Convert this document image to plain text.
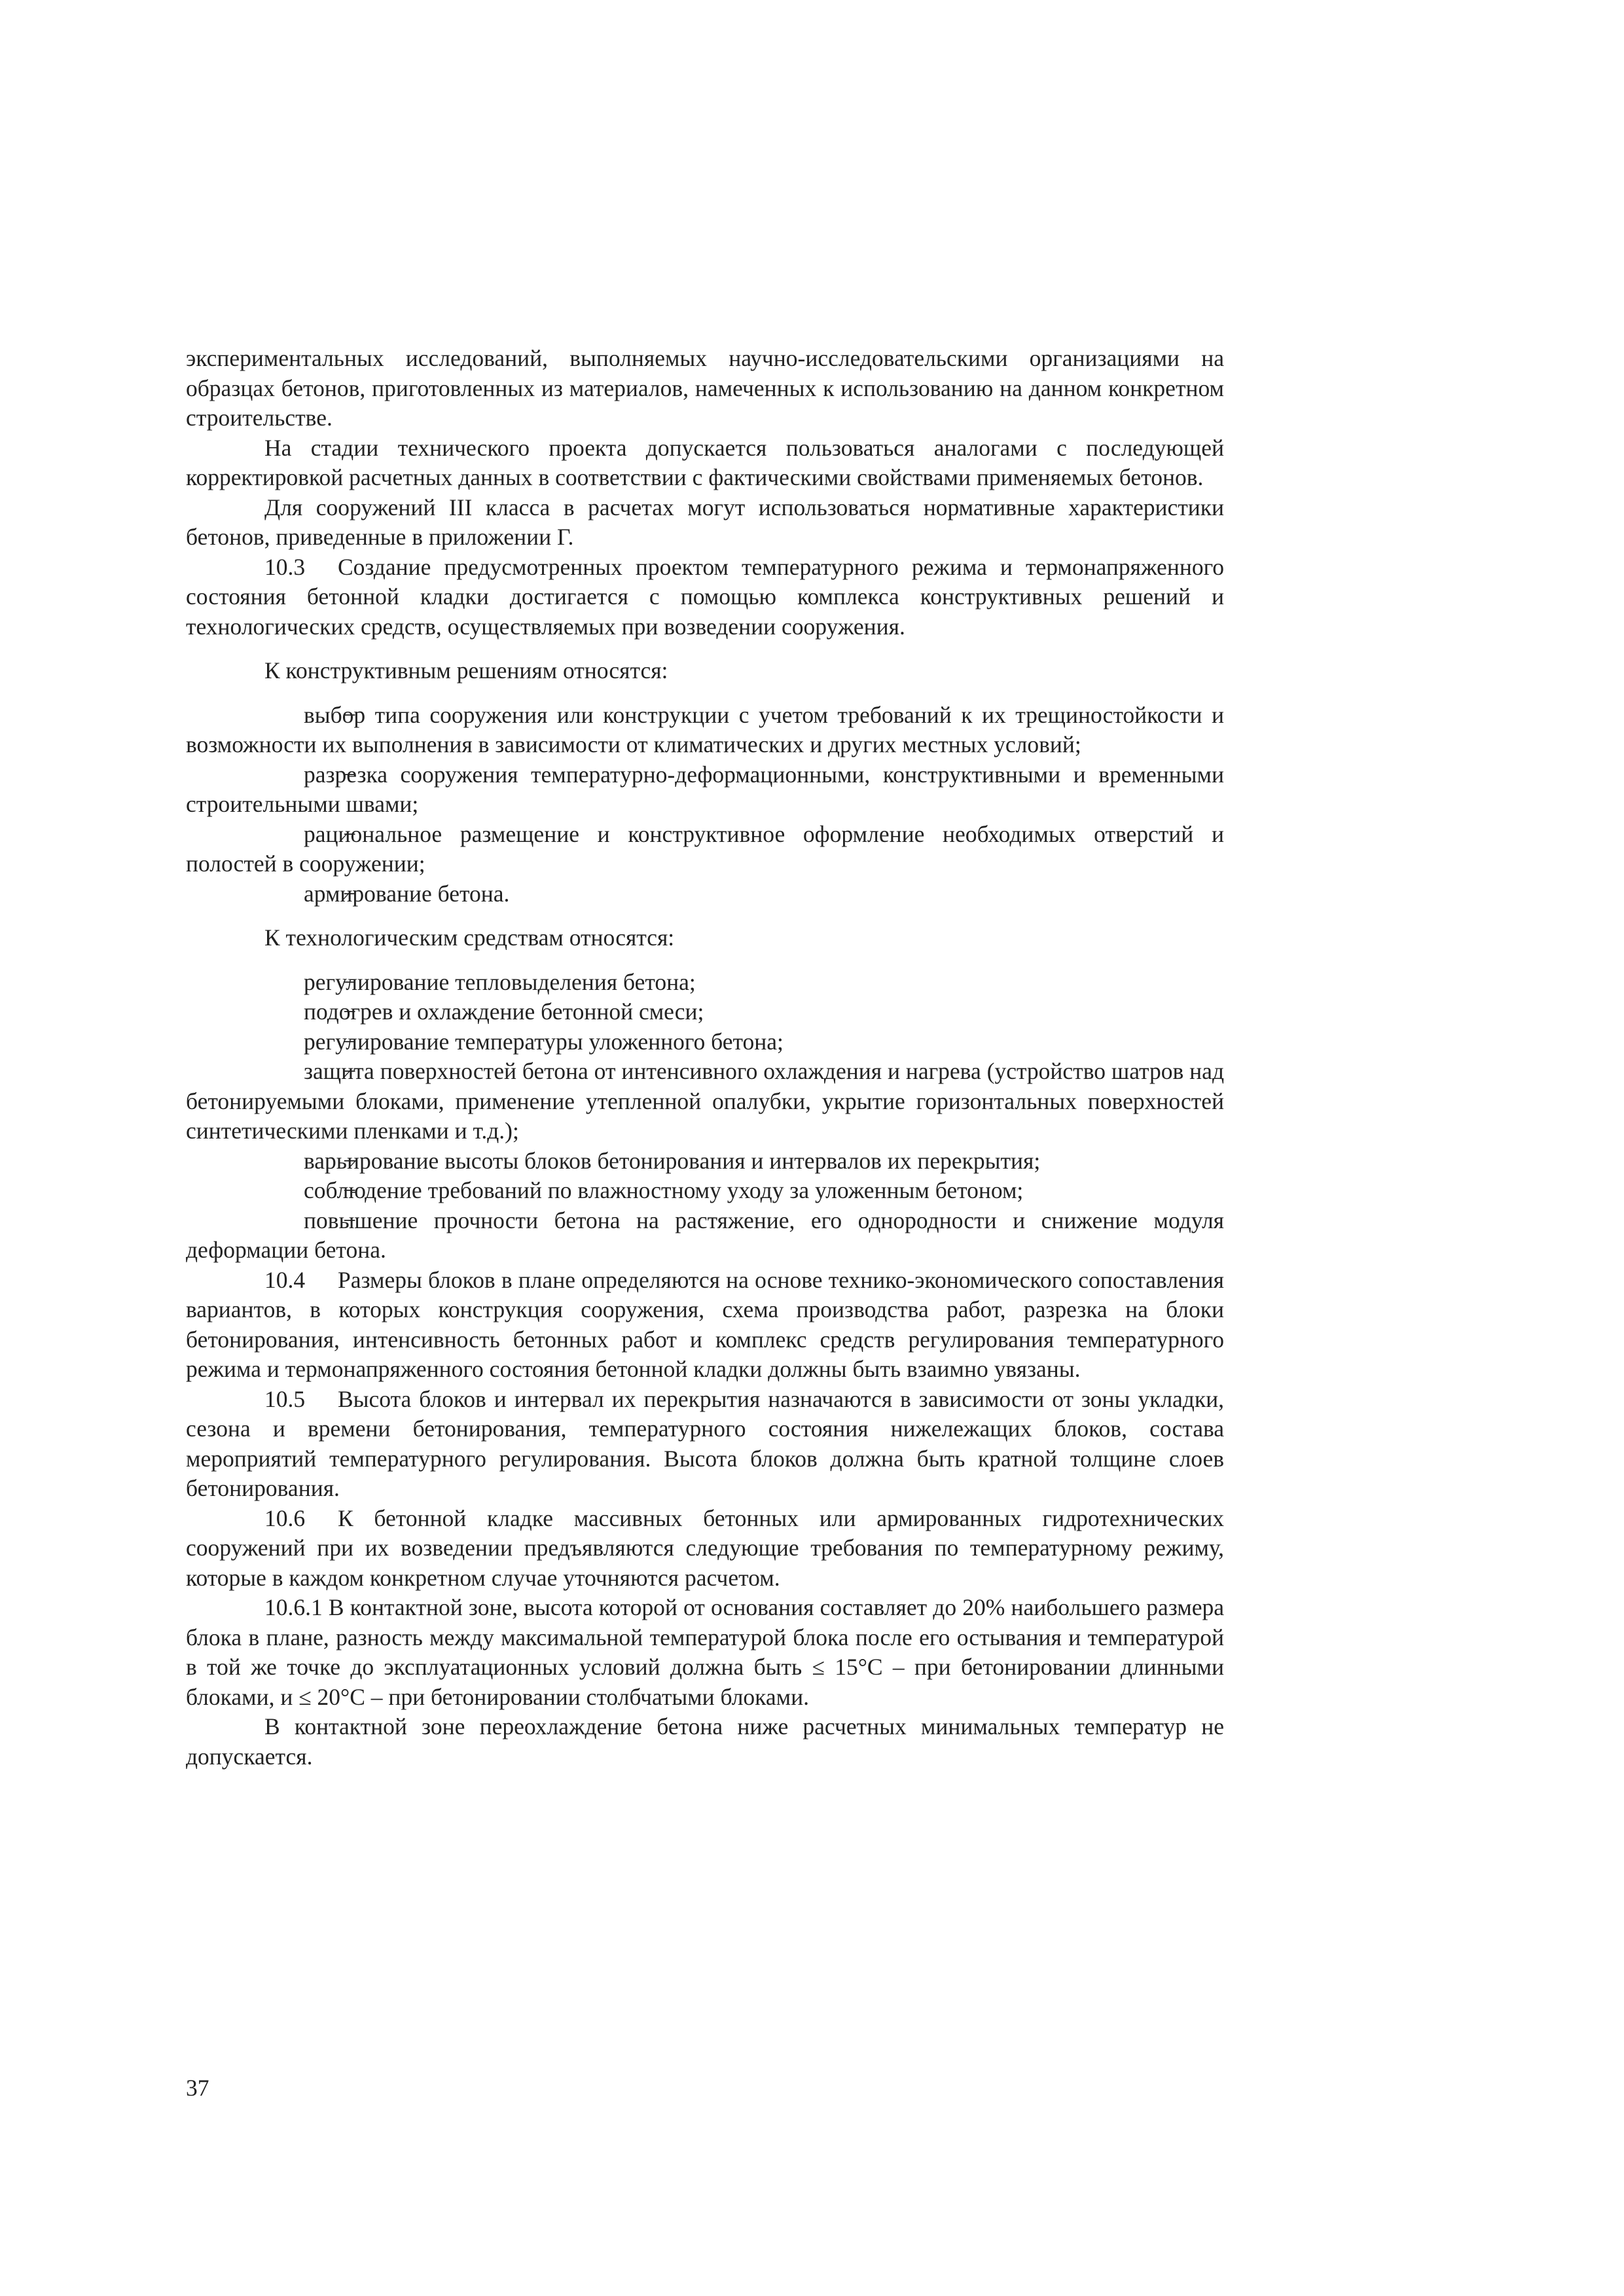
экспериментальных исследований, выполняемых научно-исследовательскими организациями на образцах бетонов, приготовленных из материалов, намеченных к использованию на данном конкретном строительстве.

На стадии технического проекта допускается пользоваться аналогами с последующей корректировкой расчетных данных в соответствии с фактическими свойствами применяемых бетонов.

Для сооружений III класса в расчетах могут использоваться нормативные характеристики бетонов, приведенные в приложении Г.

10.3 Создание предусмотренных проектом температурного режима и термонапряженного состояния бетонной кладки достигается с помощью комплекса конструктивных решений и технологических средств, осуществляемых при возведении сооружения.

К конструктивным решениям относятся:

− выбор типа сооружения или конструкции с учетом требований к их трещиностойкости и возможности их выполнения в зависимости от климатических и других местных условий;

− разрезка сооружения температурно-деформационными, конструктивными и временными строительными швами;

− рациональное размещение и конструктивное оформление необходимых отверстий и полостей в сооружении;

− армирование бетона.

К технологическим средствам относятся:

− регулирование тепловыделения бетона;

− подогрев и охлаждение бетонной смеси;

− регулирование температуры уложенного бетона;

− защита поверхностей бетона от интенсивного охлаждения и нагрева (устройство шатров над бетонируемыми блоками, применение утепленной опалубки, укрытие горизонтальных поверхностей синтетическими пленками и т.д.);

− варьирование высоты блоков бетонирования и интервалов их перекрытия;

− соблюдение требований по влажностному уходу за уложенным бетоном;

− повышение прочности бетона на растяжение, его однородности и снижение модуля деформации бетона.

10.4 Размеры блоков в плане определяются на основе технико-экономического сопоставления вариантов, в которых конструкция сооружения, схема производства работ, разрезка на блоки бетонирования, интенсивность бетонных работ и комплекс средств регулирования температурного режима и термонапряженного состояния бетонной кладки должны быть взаимно увязаны.

10.5 Высота блоков и интервал их перекрытия назначаются в зависимости от зоны укладки, сезона и времени бетонирования, температурного состояния нижележащих блоков, состава мероприятий температурного регулирования. Высота блоков должна быть кратной толщине слоев бетонирования.

10.6 К бетонной кладке массивных бетонных или армированных гидротехнических сооружений при их возведении предъявляются следующие требования по температурному режиму, которые в каждом конкретном случае уточняются расчетом.

10.6.1 В контактной зоне, высота которой от основания составляет до 20% наибольшего размера блока в плане, разность между максимальной температурой блока после его остывания и температурой в той же точке до эксплуатационных условий должна быть ≤ 15°С – при бетонировании длинными блоками, и ≤ 20°С – при бетонировании столбчатыми блоками.

В контактной зоне переохлаждение бетона ниже расчетных минимальных температур не допускается.

37
